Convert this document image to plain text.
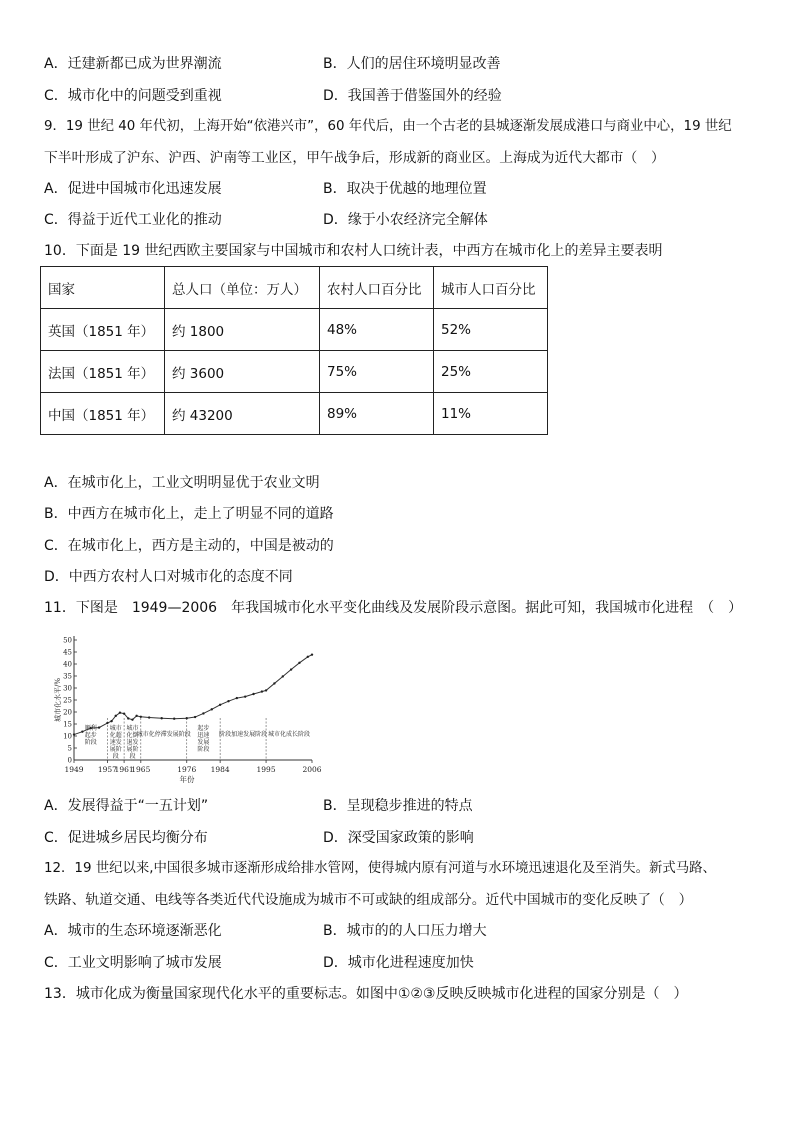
A．迁建新都已成为世界潮流	B．人们的居住环境明显改善
C．城市化中的问题受到重视	D．我国善于借鉴国外的经验
9．19 世纪 40 年代初，上海开始“依港兴市”，60 年代后，由一个古老的县城逐渐发展成港口与商业中心，19 世纪
下半叶形成了沪东、沪西、沪南等工业区，甲午战争后，形成新的商业区。上海成为近代大都市（　）
A．促进中国城市化迅速发展	B．取决于优越的地理位置
C．得益于近代工业化的推动	D．缘于小农经济完全解体
10．下面是 19 世纪西欧主要国家与中国城市和农村人口统计表，中西方在城市化上的差异主要表明
国家	总人口（单位：万人）	农村人口百分比	城市人口百分比
英国（1851 年）	约 1800	48%	52%
法国（1851 年）	约 3600	75%	25%
中国（1851 年）	约 43200	89%	11%
A．在城市化上，工业文明明显优于农业文明
B．中西方在城市化上，走上了明显不同的道路
C．在城市化上，西方是主动的，中国是被动的
D．中西方农村人口对城市化的态度不同
11．下图是　1949—2006　年我国城市化水平变化曲线及发展阶段示意图。据此可知，我国城市化进程　（　）
0
5
10
15
20
25
30
35
40
45
50
城市化水平/%
1949 1957
1961
1965	1976 1984	1995	2006
年份
顺利起步阶段
城市化超速发展阶段
城市化倒退发展阶段
城市化停滞发展阶段
起步迅速发展阶段
阶段加速发展阶段 城市化成长阶段
A．发展得益于“一五计划”	B．呈现稳步推进的特点
C．促进城乡居民均衡分布	D．深受国家政策的影响
12．19 世纪以来,中国很多城市逐渐形成给排水管网，使得城内原有河道与水环境迅速退化及至消失。新式马路、
铁路、轨道交通、电线等各类近代代设施成为城市不可或缺的组成部分。近代中国城市的变化反映了（　）
A．城市的生态环境逐渐恶化	B．城市的的人口压力增大
C．工业文明影响了城市发展	D．城市化进程速度加快
13．城市化成为衡量国家现代化水平的重要标志。如图中①②③反映反映城市化进程的国家分别是（　）
